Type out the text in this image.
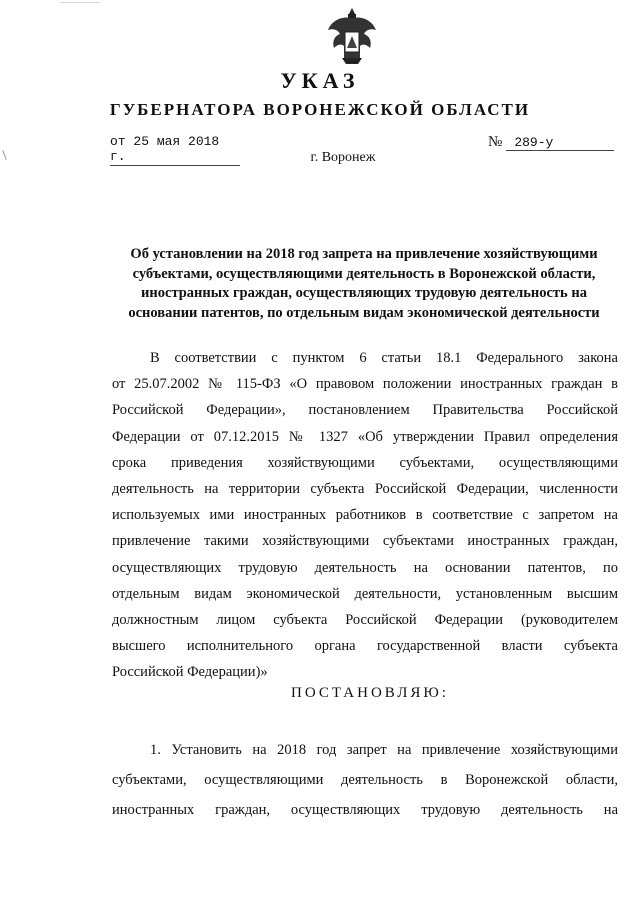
УКАЗ
ГУБЕРНАТОРА ВОРОНЕЖСКОЙ ОБЛАСТИ
от 25 мая 2018 г.
№ 289-у
г. Воронеж
Об установлении на 2018 год запрета на привлечение хозяйствующими
субъектами, осуществляющими деятельность в Воронежской области,
иностранных граждан, осуществляющих трудовую деятельность на
основании патентов, по отдельным видам экономической деятельности
В соответствии с пунктом 6 статьи 18.1 Федерального закона
от 25.07.2002 № 115-ФЗ «О правовом положении иностранных граждан в
Российской Федерации», постановлением Правительства Российской
Федерации от 07.12.2015 № 1327 «Об утверждении Правил определения
срока приведения хозяйствующими субъектами, осуществляющими
деятельность на территории субъекта Российской Федерации, численности
используемых ими иностранных работников в соответствие с запретом на
привлечение такими хозяйствующими субъектами иностранных граждан,
осуществляющих трудовую деятельность на основании патентов, по
отдельным видам экономической деятельности, установленным высшим
должностным лицом субъекта Российской Федерации (руководителем
высшего исполнительного органа государственной власти субъекта
Российской Федерации)»
ПОСТАНОВЛЯЮ:
1. Установить на 2018 год запрет на привлечение хозяйствующими
субъектами, осуществляющими деятельность в Воронежской области,
иностранных граждан, осуществляющих трудовую деятельность на
